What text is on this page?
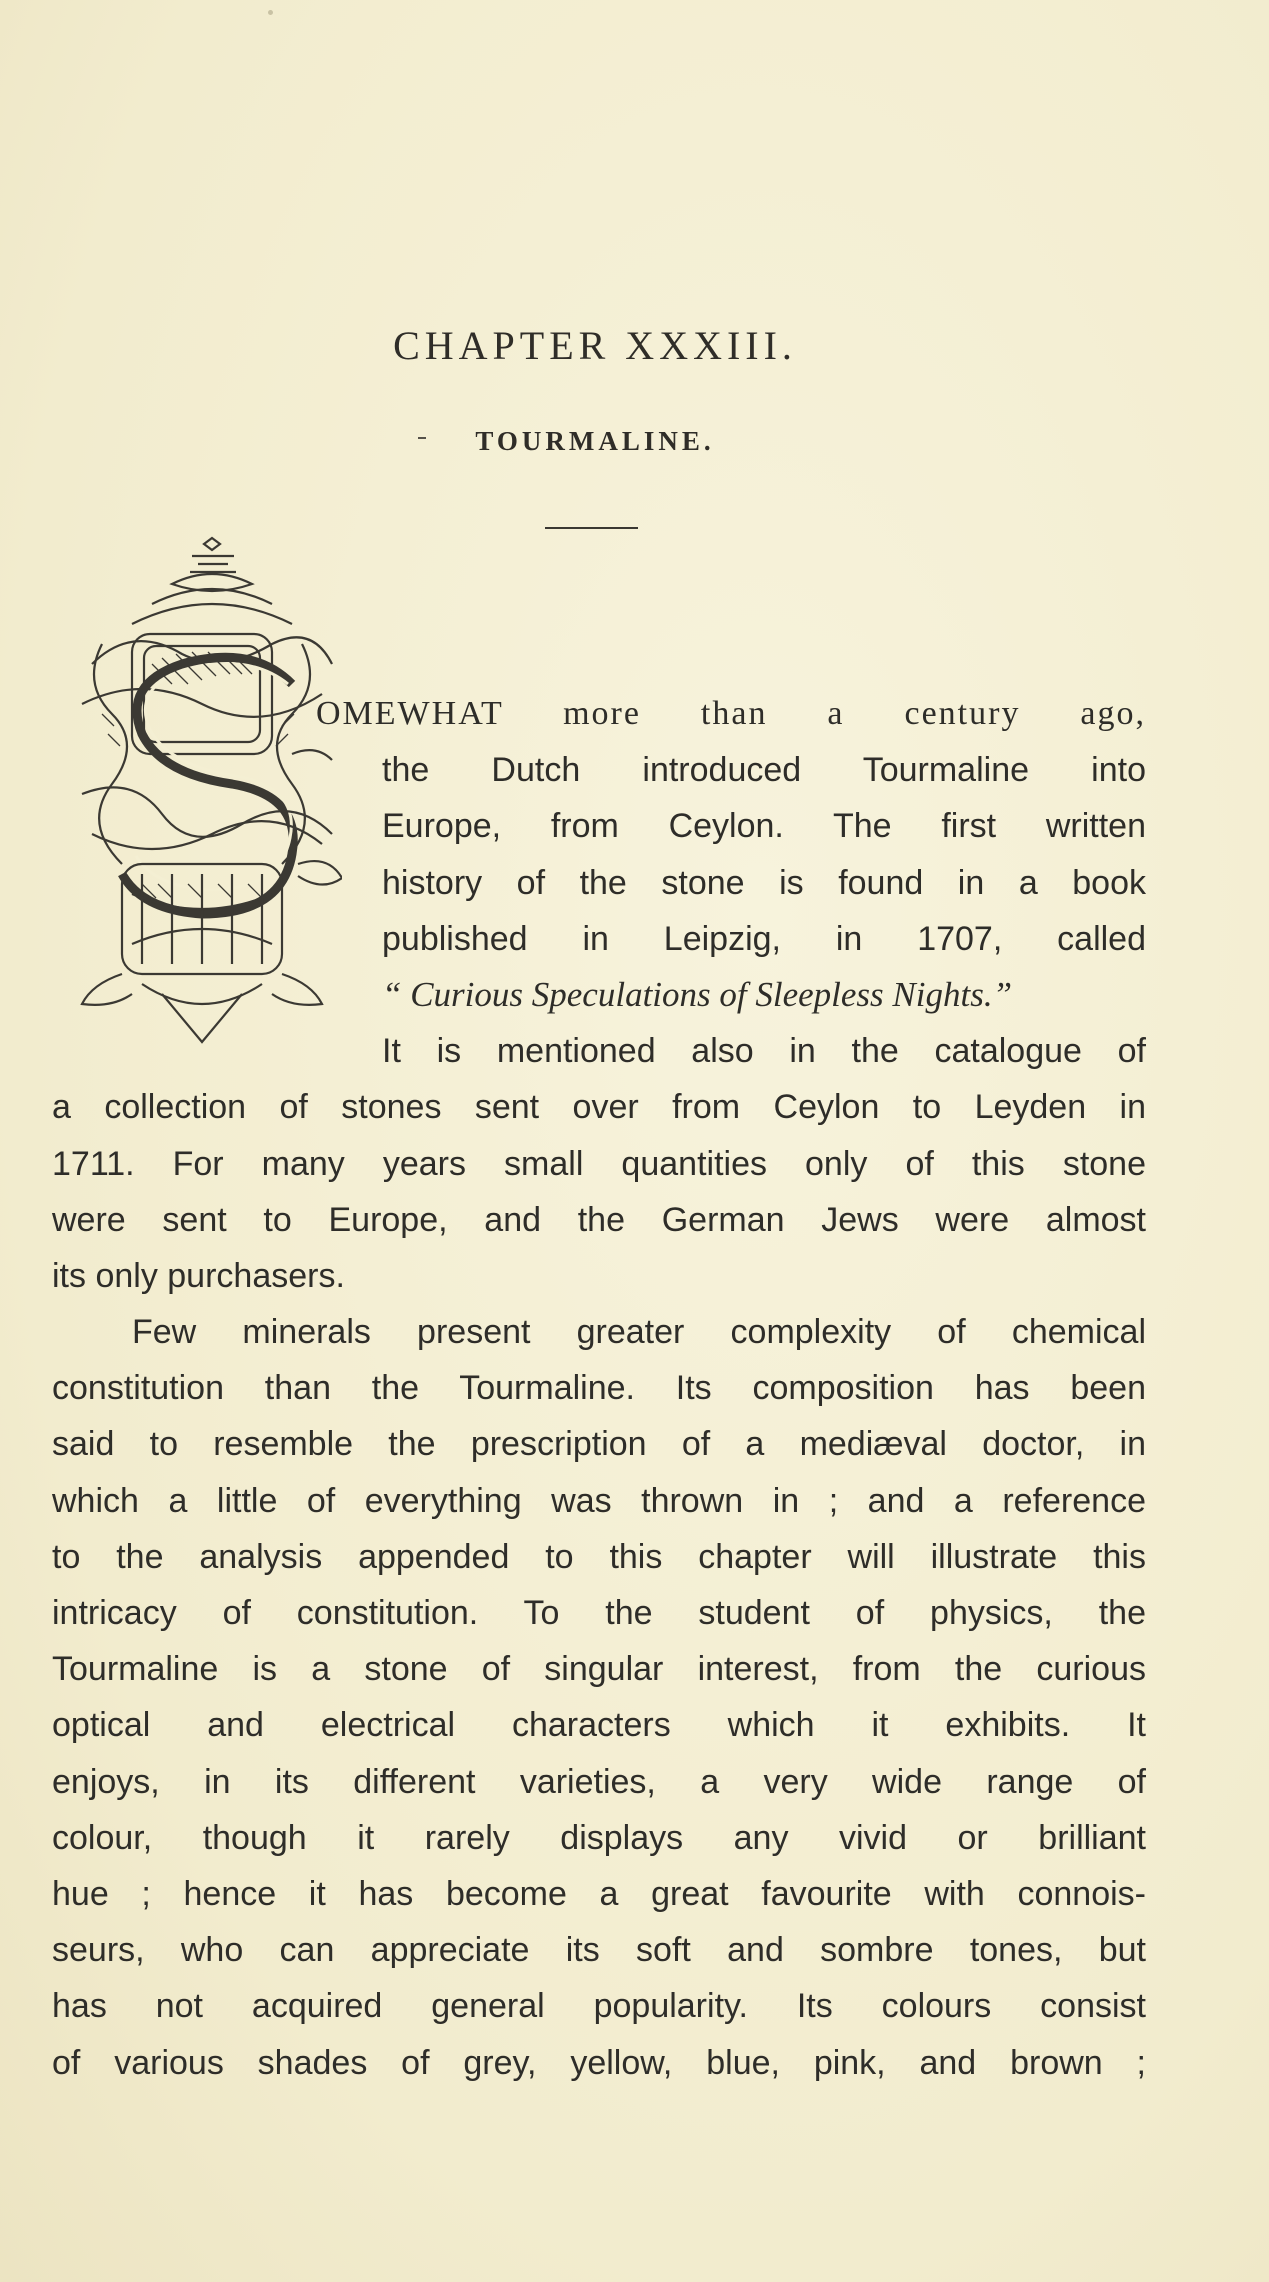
CHAPTER XXXIII.
TOURMALINE.
OMEWHAT more than a century ago,
the Dutch introduced Tourmaline into
Europe, from Ceylon. The first written
history of the stone is found in a book
published in Leipzig, in 1707, called
“ Curious Speculations of Sleepless Nights.”
It is mentioned also in the catalogue of
a collection of stones sent over from Ceylon to Leyden in
1711. For many years small quantities only of this stone
were sent to Europe, and the German Jews were almost
its only purchasers.
Few minerals present greater complexity of chemical
constitution than the Tourmaline. Its composition has been
said to resemble the prescription of a mediæval doctor, in
which a little of everything was thrown in ; and a reference
to the analysis appended to this chapter will illustrate this
intricacy of constitution. To the student of physics, the
Tourmaline is a stone of singular interest, from the curious
optical and electrical characters which it exhibits. It
enjoys, in its different varieties, a very wide range of
colour, though it rarely displays any vivid or brilliant
hue ; hence it has become a great favourite with connois-
seurs, who can appreciate its soft and sombre tones, but
has not acquired general popularity. Its colours consist
of various shades of grey, yellow, blue, pink, and brown ;
